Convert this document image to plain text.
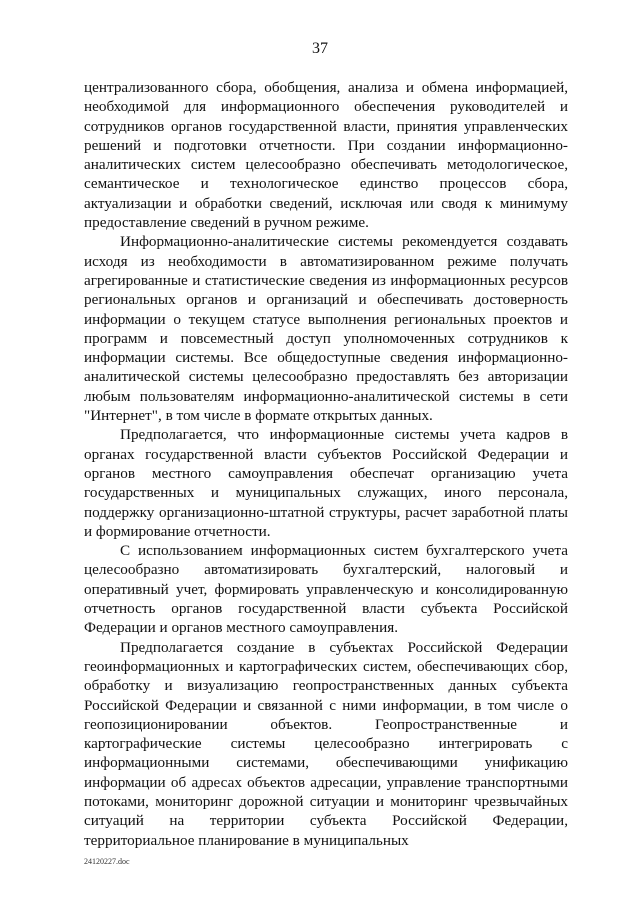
37

централизованного сбора, обобщения, анализа и обмена информацией, необходимой для информационного обеспечения руководителей и сотрудников органов государственной власти, принятия управленческих решений и подготовки отчетности. При создании информационно-аналитических систем целесообразно обеспечивать методологическое, семантическое и технологическое единство процессов сбора, актуализации и обработки сведений, исключая или сводя к минимуму предоставление сведений в ручном режиме.

Информационно-аналитические системы рекомендуется создавать исходя из необходимости в автоматизированном режиме получать агрегированные и статистические сведения из информационных ресурсов региональных органов и организаций и обеспечивать достоверность информации о текущем статусе выполнения региональных проектов и программ и повсеместный доступ уполномоченных сотрудников к информации системы. Все общедоступные сведения информационно-аналитической системы целесообразно предоставлять без авторизации любым пользователям информационно-аналитической системы в сети "Интернет", в том числе в формате открытых данных.

Предполагается, что информационные системы учета кадров в органах государственной власти субъектов Российской Федерации и органов местного самоуправления обеспечат организацию учета государственных и муниципальных служащих, иного персонала, поддержку организационно-штатной структуры, расчет заработной платы и формирование отчетности.

С использованием информационных систем бухгалтерского учета целесообразно автоматизировать бухгалтерский, налоговый и оперативный учет, формировать управленческую и консолидированную отчетность органов государственной власти субъекта Российской Федерации и органов местного самоуправления.

Предполагается создание в субъектах Российской Федерации геоинформационных и картографических систем, обеспечивающих сбор, обработку и визуализацию геопространственных данных субъекта Российской Федерации и связанной с ними информации, в том числе о геопозиционировании объектов. Геопространственные и картографические системы целесообразно интегрировать с информационными системами, обеспечивающими унификацию информации об адресах объектов адресации, управление транспортными потоками, мониторинг дорожной ситуации и мониторинг чрезвычайных ситуаций на территории субъекта Российской Федерации, территориальное планирование в муниципальных

24120227.doc
